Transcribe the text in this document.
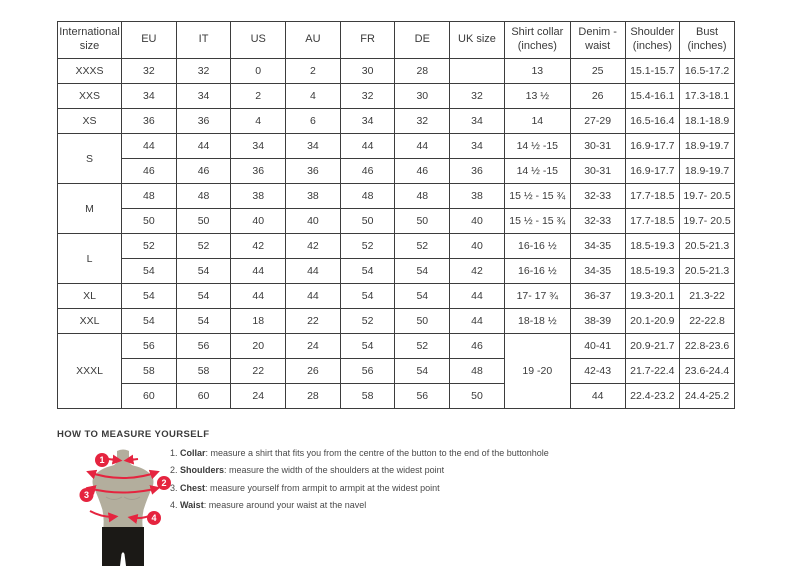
International size	EU	IT	US	AU	FR	DE	UK size	Shirt collar (inches)	Denim - waist	Shoulder (inches)	Bust (inches)
XXXS	32	32	0	2	30	28		13	25	15.1-15.7	16.5-17.2
XXS	34	34	2	4	32	30	32	13 ½	26	15.4-16.1	17.3-18.1
XS	36	36	4	6	34	32	34	14	27-29	16.5-16.4	18.1-18.9
S	44	44	34	34	44	44	34	14 ½ -15	30-31	16.9-17.7	18.9-19.7
	46	46	36	36	46	46	36	14 ½ -15	30-31	16.9-17.7	18.9-19.7
M	48	48	38	38	48	48	38	15 ½ - 15 ¾	32-33	17.7-18.5	19.7- 20.5
	50	50	40	40	50	50	40	15 ½ - 15 ¾	32-33	17.7-18.5	19.7- 20.5
L	52	52	42	42	52	52	40	16-16 ½	34-35	18.5-19.3	20.5-21.3
	54	54	44	44	54	54	42	16-16 ½	34-35	18.5-19.3	20.5-21.3
XL	54	54	44	44	54	54	44	17- 17 ¾	36-37	19.3-20.1	21.3-22
XXL	54	54	18	22	52	50	44	18-18 ½	38-39	20.1-20.9	22-22.8
XXXL	56	56	20	24	54	52	46	19 -20	40-41	20.9-21.7	22.8-23.6
	58	58	22	26	56	54	48		42-43	21.7-22.4	23.6-24.4
	60	60	24	28	58	56	50		44	22.4-23.2	24.4-25.2
HOW TO MEASURE YOURSELF
1. Collar: measure a shirt that fits you from the centre of the button to the end of the buttonhole
2. Shoulders: measure the width of the shoulders at the widest point
3. Chest: measure yourself from armpit to armpit at the widest point
4. Waist: measure around your waist at the navel
1
2
3
4
